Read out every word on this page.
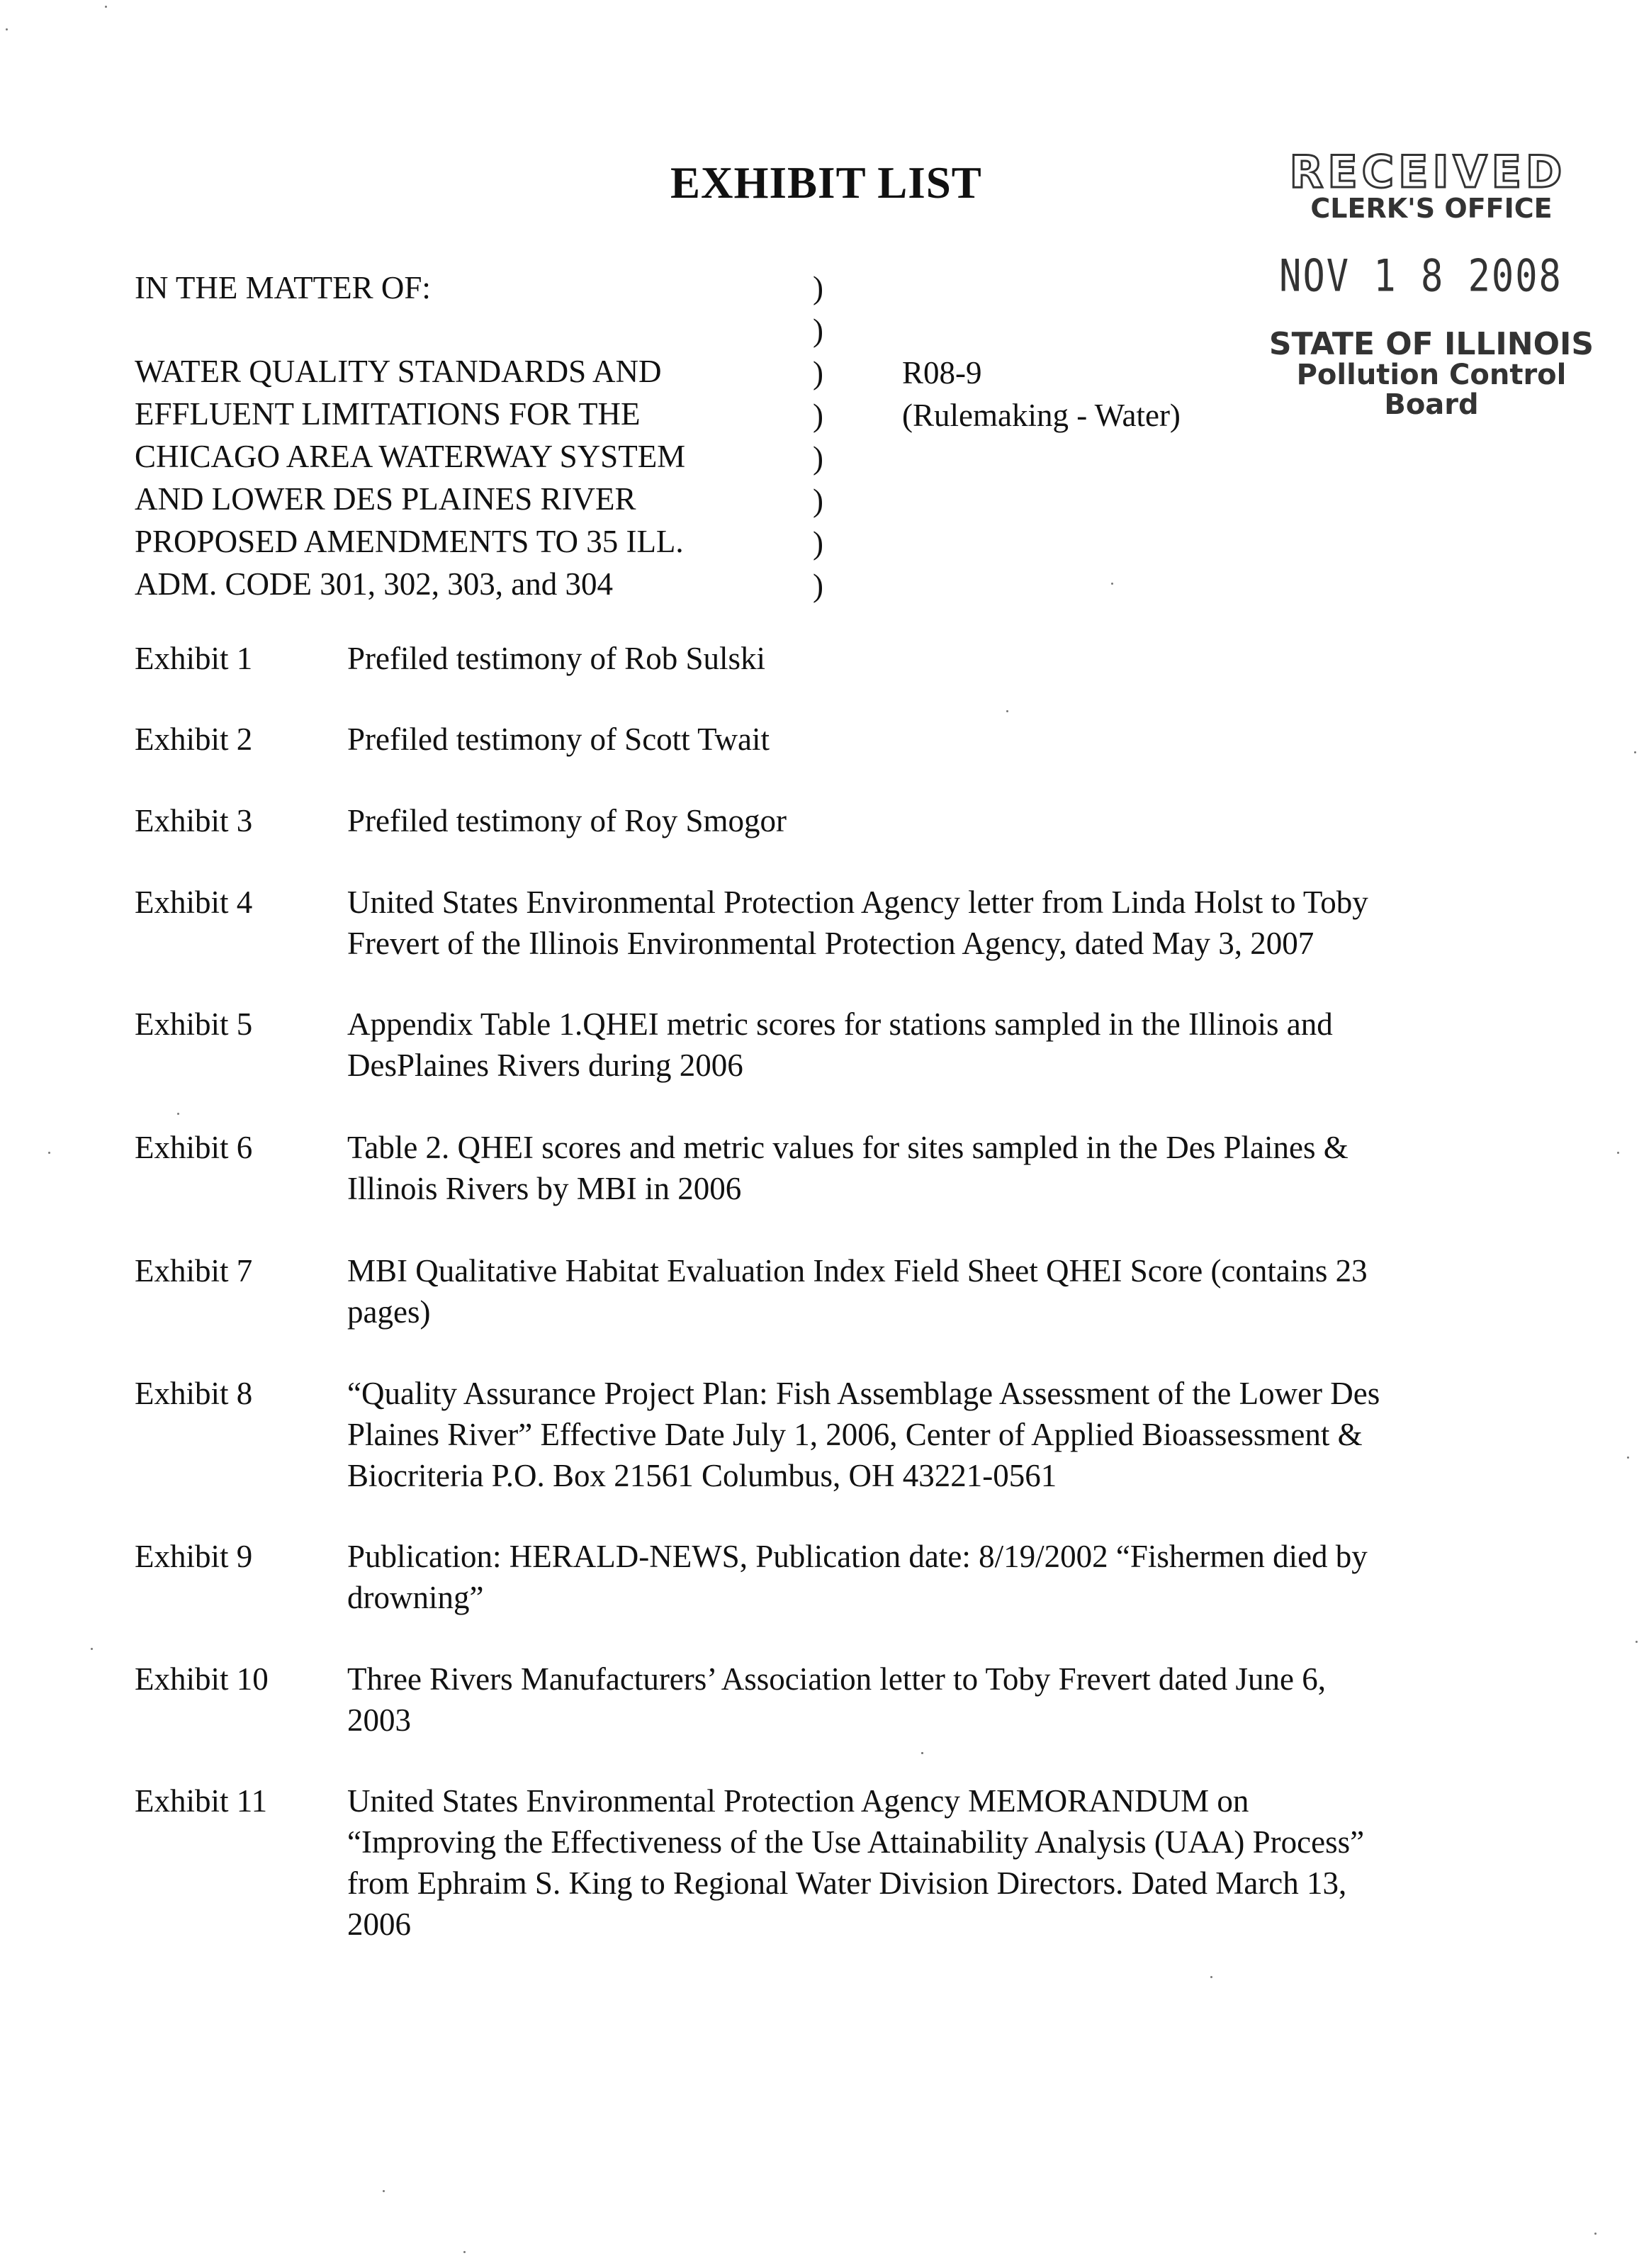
EXHIBIT LIST	RECEIVED
CLERK'S OFFICE
NOV 1 8 2008
STATE OF ILLINOIS
Pollution Control Board
IN THE MATTER OF:
WATER QUALITY STANDARDS AND
EFFLUENT LIMITATIONS FOR THE
CHICAGO AREA WATERWAY SYSTEM
AND LOWER DES PLAINES RIVER
PROPOSED AMENDMENTS TO 35 ILL.
ADM. CODE 301, 302, 303, and 304
)
)
)
)
)
)
)
)
R08-9
(Rulemaking - Water)
Exhibit 1	Prefiled testimony of Rob Sulski
Exhibit 2	Prefiled testimony of Scott Twait
Exhibit 3	Prefiled testimony of Roy Smogor
Exhibit 4	United States Environmental Protection Agency letter from Linda Holst to Toby
Frevert of the Illinois Environmental Protection Agency, dated May 3, 2007
Exhibit 5	Appendix Table 1.QHEI metric scores for stations sampled in the Illinois and
DesPlaines Rivers during 2006
Exhibit 6	Table 2. QHEI scores and metric values for sites sampled in the Des Plaines &
Illinois Rivers by MBI in 2006
Exhibit 7	MBI Qualitative Habitat Evaluation Index Field Sheet QHEI Score (contains 23
pages)
Exhibit 8	“Quality Assurance Project Plan: Fish Assemblage Assessment of the Lower Des
Plaines River” Effective Date July 1, 2006, Center of Applied Bioassessment &
Biocriteria P.O. Box 21561 Columbus, OH 43221-0561
Exhibit 9	Publication: HERALD-NEWS, Publication date: 8/19/2002 “Fishermen died by
drowning”
Exhibit 10 Three Rivers Manufacturers’ Association letter to Toby Frevert dated June 6,
2003
Exhibit 11	United States Environmental Protection Agency MEMORANDUM on
“Improving the Effectiveness of the Use Attainability Analysis (UAA) Process”
from Ephraim S. King to Regional Water Division Directors. Dated March 13,
2006
